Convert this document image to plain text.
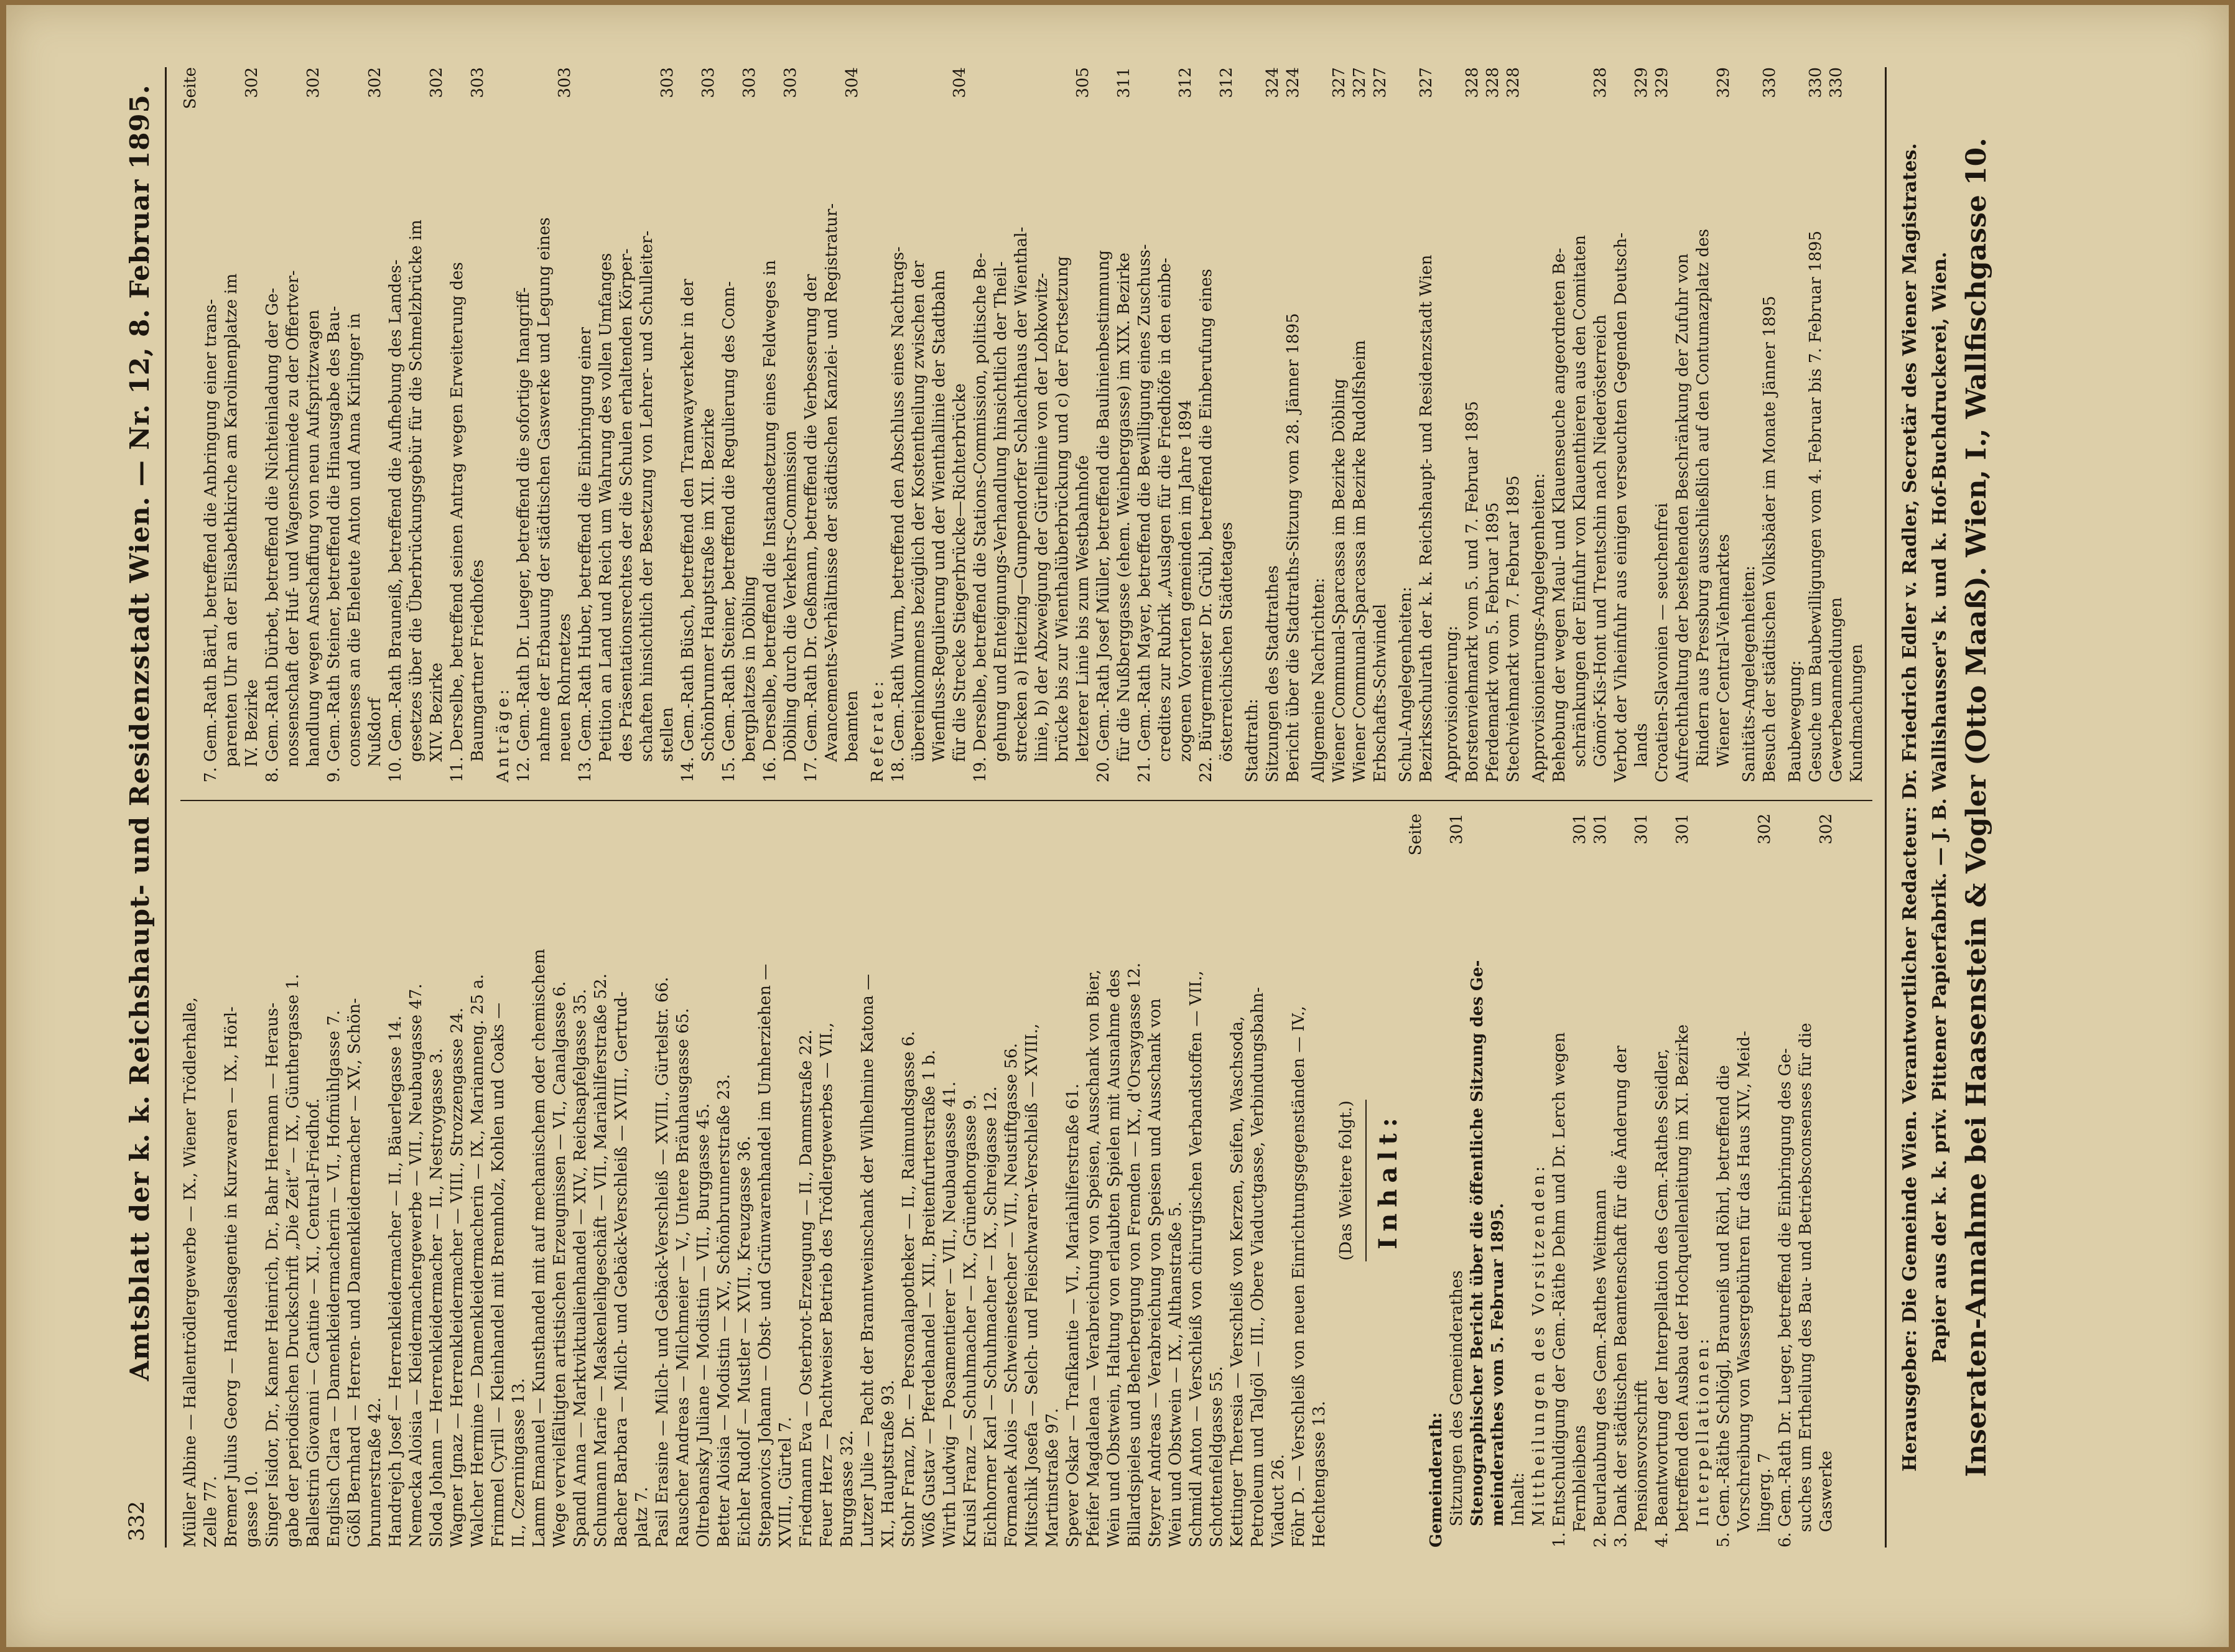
332
Amtsblatt der k. k. Reichshaupt- und Residenzstadt Wien. — Nr. 12, 8. Februar 1895. Müller Albine — Hallentrödlergewerbe — IX., Wiener Trödlerhalle, Zelle 77. Bremer Julius Georg — Handelsagentie in Kurzwaren — IX., Hörl- gasse 10. Singer Isidor, Dr., Kanner Heinrich, Dr., Bahr Hermann — Heraus- gabe der periodischen Druckschrift „Die Zeit“ — IX., Günthergasse 1. Ballestrin Giovanni — Cantine — XI., Central-Friedhof. Englisch Clara — Damenkleidermacherin — VI., Hofmühlgasse 7. Gößl Bernhard — Herren- und Damenkleidermacher — XV., Schön- brunnerstraße 42. Handrejch Josef — Herrenkleidermacher — II., Bäuerlegasse 14. Nemecka Aloisia — Kleidermachergewerbe — VII., Neubaugasse 47. Sloda Johann — Herrenkleidermacher — II., Nestroygasse 3. Wagner Ignaz — Herrenkleidermacher — VIII., Strozzengasse 24. Walcher Hermine — Damenkleidermacherin — IX., Marianneng. 25 a. Frimmel Cyrill — Kleinhandel mit Brennholz, Kohlen und Coaks — II., Czerningasse 13. Lamm Emanuel — Kunsthandel mit auf mechanischem oder chemischem Wege vervielfältigten artistischen Erzeugnissen — VI., Canalgasse 6. Spandl Anna — Marktviktualienhandel — XIV., Reichsapfelgasse 35. Schumann Marie — Maskenleihgeschäft — VII., Mariahilferstraße 52. Bacher Barbara — Milch- und Gebäck-Verschleiß — XVIII., Gertrud- platz 7. Pasil Erasine — Milch- und Gebäck-Verschleiß — XVIII., Gürtelstr. 66. Rauscher Andreas — Milchmeier — V., Untere Bräuhausgasse 65. Oltrebansky Juliane — Modistin — VII., Burggasse 45. Better Aloisia — Modistin — XV., Schönbrunnerstraße 23. Eichler Rudolf — Mustler — XVII., Kreuzgasse 36. Stepanovics Johann — Obst- und Grünwarenhandel im Umherziehen — XVIII., Gürtel 7. Friedmann Eva — Osterbrot-Erzeugung — II., Dammstraße 22. Feuer Herz — Pachtweiser Betrieb des Trödlergewerbes — VII., Burggasse 32. Lutzer Julie — Pacht der Branntweinschank der Wilhelmine Katona — XI., Hauptstraße 93. Stohr Franz, Dr. — Personalapotheker — II., Raimundsgasse 6. Wöß Gustav — Pferdehandel — XII., Breitenfurterstraße 1 b. Wirth Ludwig — Posamentierer — VII., Neubaugasse 41. Kruisl Franz — Schuhmacher — IX., Grünethorgasse 9. Eichhorner Karl — Schuhmacher — IX., Schreigasse 12. Formanek Alois — Schweinestecher — VII., Neustiftgasse 56. Mitschik Josefa — Selch- und Fleischwaren-Verschleiß — XVIII., Martinstraße 97. Spever Oskar — Trafikantie — VI., Mariahilferstraße 61. Pfeifer Magdalena — Verabreichung von Speisen, Ausschank von Bier, Wein und Obstwein, Haltung von erlaubten Spielen mit Ausnahme des Billardspieles und Beherbergung von Fremden — IX., d'Orsaygasse 12. Steyrer Andreas — Verabreichung von Speisen und Ausschank von Wein und Obstwein — IX., Althanstraße 5. Schmidl Anton — Verschleiß von chirurgischen Verbandstoffen — VII., Schottenfeldgasse 55. Kettinger Theresia — Verschleiß von Kerzen, Seifen, Waschsoda, Petroleum und Talgöl — III., Obere Viaductgasse, Verbindungsbahn- Viaduct 26. Föhr D. — Verschleiß von neuen Einrichtungsgegenständen — IV., Hechtengasse 13.
(Das Weitere folgt.) Inhalt:
Seite
Gemeinderath: Sitzungen des Gemeinderathes
301
Stenographischer Bericht über die öffentliche Sitzung des Ge- meinderathes vom 5. Februar 1895. Inhalt: Mittheilungen des Vorsitzenden: 1. Entschuldigung der Gem.-Räthe Dehm und Dr. Lerch wegen Fernbleibens
301
2. Beurlaubung des Gem.-Rathes Weitmann
301
3. Dank der städtischen Beamtenschaft für die Änderung der Pensionsvorschrift
301
4. Beantwortung der Interpellation des Gem.-Rathes Seidler, betreffend den Ausbau der Hochquellenleitung im XI. Bezirke
301
Interpellationen: 5. Gem.-Räthe Schlögl, Brauneiß und Röhrl, betreffend die Vorschreibung von Wassergebühren für das Haus XIV., Meid- lingerg. 7
302
6. Gem.-Rath Dr. Lueger, betreffend die Einbringung des Ge- suches um Ertheilung des Bau- und Betriebsconsenses für die Gaswerke
302
Seite
7. Gem.-Rath Bärtl, betreffend die Anbringung einer trans- parenten Uhr an der Elisabethkirche am Karolinenplatze im IV. Bezirke
302
8. Gem.-Rath Dürbet, betreffend die Nichteinladung der Ge- nossenschaft der Huf- und Wagenschmiede zu der Offertver- handlung wegen Anschaffung von neun Aufspritzwagen
302
9. Gem.-Rath Steiner, betreffend die Hinausgabe des Bau- consenses an die Eheleute Anton und Anna Kirlinger in Nußdorf
302
10. Gem.-Rath Brauneiß, betreffend die Aufhebung des Landes- gesetzes über die Überbrückungsgebür für die Schmelzbrücke im XIV. Bezirke
302
11. Derselbe, betreffend seinen Antrag wegen Erweiterung des Baumgartner Friedhofes
303
Anträge: 12. Gem.-Rath Dr. Lueger, betreffend die sofortige Inangriff- nahme der Erbauung der städtischen Gaswerke und Legung eines neuen Rohrnetzes
303
13. Gem.-Rath Huber, betreffend die Einbringung einer Petition an Land und Reich um Wahrung des vollen Umfanges des Präsentationsrechtes der die Schulen erhaltenden Körper- schaften hinsichtlich der Besetzung von Lehrer- und Schulleiter- stellen
303
14. Gem.-Rath Büsch, betreffend den Tramwayverkehr in der Schönbrunner Hauptstraße im XII. Bezirke
303
15. Gem.-Rath Steiner, betreffend die Regulierung des Conn- bergplatzes in Döbling
303
16. Derselbe, betreffend die Instandsetzung eines Feldweges in Döbling durch die Verkehrs-Commission
303
17. Gem.-Rath Dr. Geßmann, betreffend die Verbesserung der Avancements-Verhältnisse der städtischen Kanzlei- und Registratur- beamten
304
Referate: 18. Gem.-Rath Wurm, betreffend den Abschluss eines Nachtrags- übereinkommens bezüglich der Kostentheilung zwischen der Wienfluss-Regulierung und der Wienthallinie der Stadtbahn für die Strecke Stiegerbrücke—Richterbrücke
304
19. Derselbe, betreffend die Stations-Commission, politische Be- gehung und Enteignungs-Verhandlung hinsichtlich der Theil- strecken a) Hietzing—Gumpendorfer Schlachthaus der Wienthal- linie, b) der Abzweigung der Gürtellinie von der Lobkowitz- brücke bis zur Wienthalüberbrückung und c) der Fortsetzung letzterer Linie bis zum Westbahnhofe
305
20. Gem.-Rath Josef Müller, betreffend die Baulinienbestimmung für die Nußberggasse (ehem. Weinberggasse) im XIX. Bezirke
311
21. Gem.-Rath Mayer, betreffend die Bewilligung eines Zuschuss- credites zur Rubrik „Auslagen für die Friedhöfe in den einbe- zogenen Vororten gemeinden im Jahre 1894
312
22. Bürgermeister Dr. Grübl, betreffend die Einberufung eines österreichischen Städtetages
312
Stadtrath: Sitzungen des Stadtrathes
324
Bericht über die Stadtraths-Sitzung vom 28. Jänner 1895
324
Allgemeine Nachrichten: Wiener Communal-Sparcassa im Bezirke Döbling
327
Wiener Communal-Sparcassa im Bezirke Rudolfsheim
327
Erbschafts-Schwindel
327
Schul-Angelegenheiten: Bezirksschulrath der k. k. Reichshaupt- und Residenzstadt Wien
327
Approvisionierung: Borstenviehmarkt vom 5. und 7. Februar 1895
328
Pferdemarkt vom 5. Februar 1895
328
Stechviehmarkt vom 7. Februar 1895
328
Approvisionierungs-Angelegenheiten: Behebung der wegen Maul- und Klauenseuche angeordneten Be- schränkungen der Einfuhr von Klauenthieren aus den Comitaten Gömör-Kis-Hont und Trentschin nach Niederösterreich
328
Verbot der Viheinfuhr aus einigen verseuchten Gegenden Deutsch- lands
329
Croatien-Slavonien — seuchenfrei
329
Aufrechthaltung der bestehenden Beschränkung der Zufuhr von Rindern aus Pressburg ausschließlich auf den Contumazplatz des Wiener Central-Viehmarktes
329
Sanitäts-Angelegenheiten: Besuch der städtischen Volksbäder im Monate Jänner 1895
330
Baubewegung: Gesuche um Baubewilligungen vom 4. Februar bis 7. Februar 1895
330
Gewerbeanmeldungen
330
Kundmachungen Herausgeber: Die Gemeinde Wien. Verantwortlicher Redacteur: Dr. Friedrich Edler v. Radler, Secretär des Wiener Magistrates. Papier aus der k. k. priv. Pittener Papierfabrik. — J. B. Wallishausser's k. und k. Hof-Buchdruckerei, Wien. Inseraten-Annahme bei Haasenstein & Vogler (Otto Maaß). Wien, I., Wallfischgasse 10.
